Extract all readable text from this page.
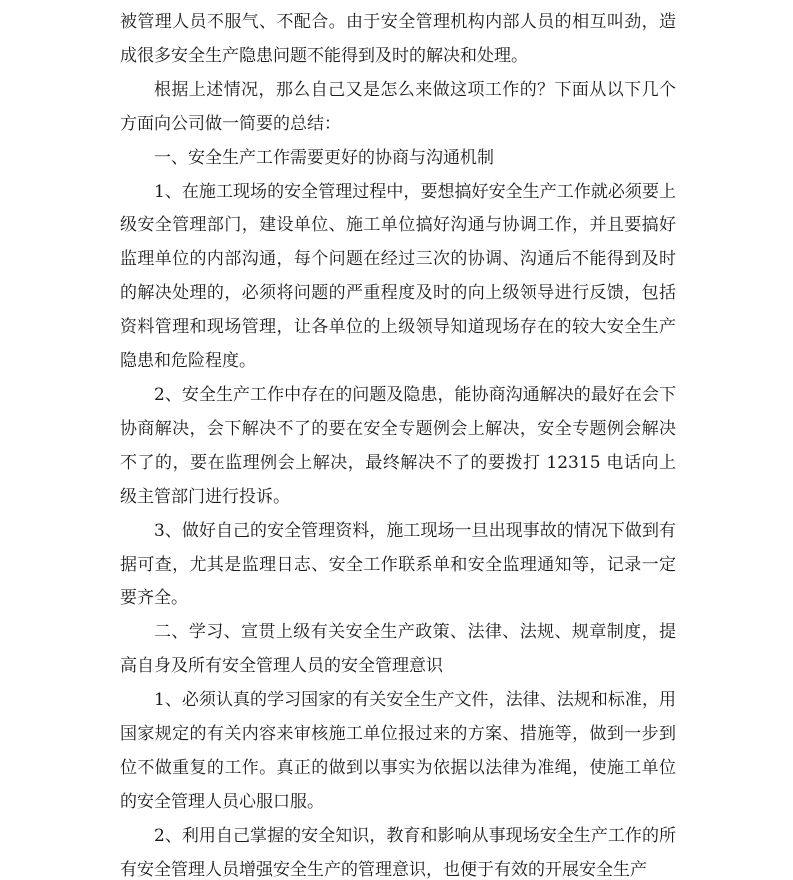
被管理人员不服气、不配合。由于安全管理机构内部人员的相互叫劲，造成很多安全生产隐患问题不能得到及时的解决和处理。

根据上述情况，那么自己又是怎么来做这项工作的？下面从以下几个方面向公司做一简要的总结：

一、安全生产工作需要更好的协商与沟通机制

1、在施工现场的安全管理过程中，要想搞好安全生产工作就必须要上级安全管理部门，建设单位、施工单位搞好沟通与协调工作，并且要搞好监理单位的内部沟通，每个问题在经过三次的协调、沟通后不能得到及时的解决处理的，必须将问题的严重程度及时的向上级领导进行反馈，包括资料管理和现场管理，让各单位的上级领导知道现场存在的较大安全生产隐患和危险程度。

2、安全生产工作中存在的问题及隐患，能协商沟通解决的最好在会下协商解决，会下解决不了的要在安全专题例会上解决，安全专题例会解决不了的，要在监理例会上解决，最终解决不了的要拨打 12315 电话向上级主管部门进行投诉。

3、做好自己的安全管理资料，施工现场一旦出现事故的情况下做到有据可查，尤其是监理日志、安全工作联系单和安全监理通知等，记录一定要齐全。

二、学习、宣贯上级有关安全生产政策、法律、法规、规章制度，提高自身及所有安全管理人员的安全管理意识

1、必须认真的学习国家的有关安全生产文件，法律、法规和标准，用国家规定的有关内容来审核施工单位报过来的方案、措施等，做到一步到位不做重复的工作。真正的做到以事实为依据以法律为准绳，使施工单位的安全管理人员心服口服。

2、利用自己掌握的安全知识，教育和影响从事现场安全生产工作的所有安全管理人员增强安全生产的管理意识，也便于有效的开展安全生产
